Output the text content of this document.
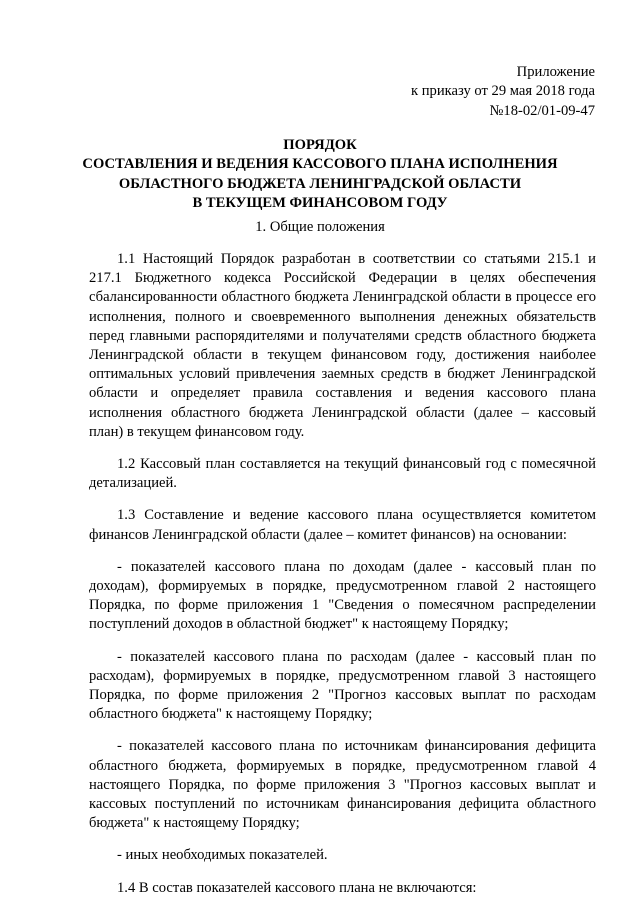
Приложение
к приказу от 29 мая 2018 года
№18-02/01-09-47
ПОРЯДОК
СОСТАВЛЕНИЯ И ВЕДЕНИЯ КАССОВОГО ПЛАНА ИСПОЛНЕНИЯ
ОБЛАСТНОГО БЮДЖЕТА ЛЕНИНГРАДСКОЙ ОБЛАСТИ
В ТЕКУЩЕМ ФИНАНСОВОМ ГОДУ
1. Общие положения

1.1 Настоящий Порядок разработан в соответствии со статьями 215.1 и 217.1 Бюджетного кодекса Российской Федерации в целях обеспечения сбалансированности областного бюджета Ленинградской области в процессе его исполнения, полного и своевременного выполнения денежных обязательств перед главными распорядителями и получателями средств областного бюджета Ленинградской области в текущем финансовом году, достижения наиболее оптимальных условий привлечения заемных средств в бюджет Ленинградской области и определяет правила составления и ведения кассового плана исполнения областного бюджета Ленинградской области (далее – кассовый план) в текущем финансовом году.

1.2 Кассовый план составляется на текущий финансовый год с помесячной детализацией.

1.3 Составление и ведение кассового плана осуществляется комитетом финансов Ленинградской области (далее – комитет финансов) на основании:

- показателей кассового плана по доходам (далее - кассовый план по доходам), формируемых в порядке, предусмотренном главой 2 настоящего Порядка, по форме приложения 1 "Сведения о помесячном распределении поступлений доходов в областной бюджет" к настоящему Порядку;

- показателей кассового плана по расходам (далее - кассовый план по расходам), формируемых в порядке, предусмотренном главой 3 настоящего Порядка, по форме приложения 2 "Прогноз кассовых выплат по расходам областного бюджета" к настоящему Порядку;

- показателей кассового плана по источникам финансирования дефицита областного бюджета, формируемых в порядке, предусмотренном главой 4 настоящего Порядка, по форме приложения 3 "Прогноз кассовых выплат и кассовых поступлений по источникам финансирования дефицита областного бюджета" к настоящему Порядку;

- иных необходимых показателей.

1.4 В состав показателей кассового плана не включаются:
